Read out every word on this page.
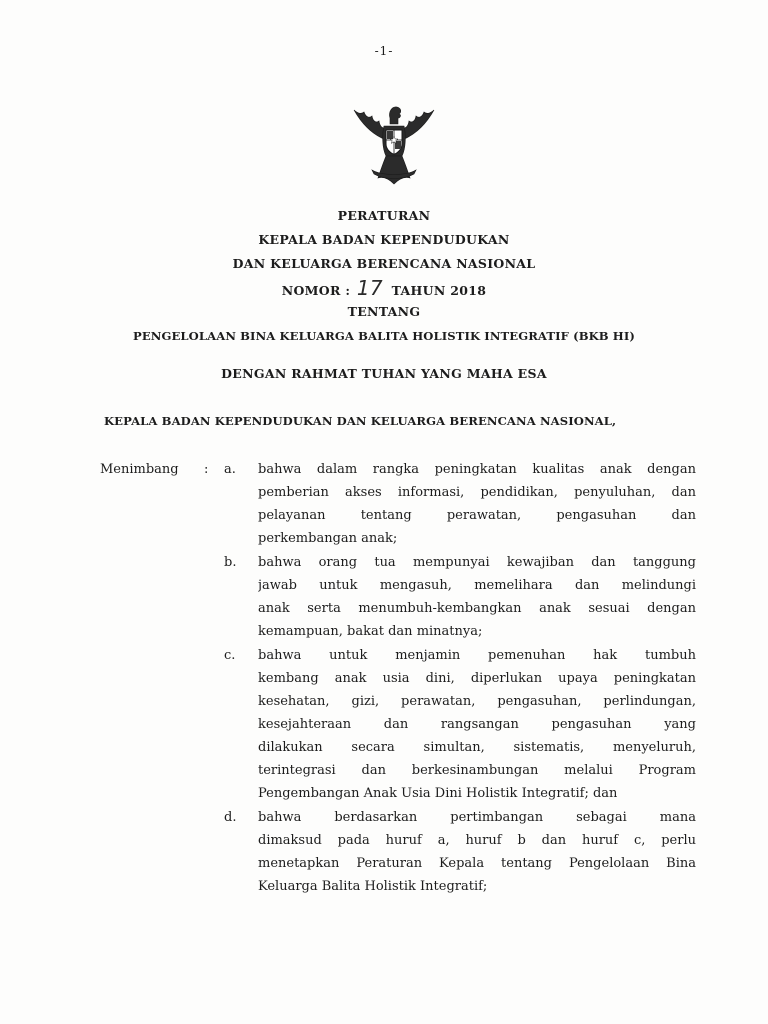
-1-
PERATURAN
KEPALA BADAN KEPENDUDUKAN
DAN KELUARGA BERENCANA NASIONAL
NOMOR : 17 TAHUN 2018
TENTANG
PENGELOLAAN BINA KELUARGA BALITA HOLISTIK INTEGRATIF (BKB HI)
DENGAN RAHMAT TUHAN YANG MAHA ESA
KEPALA BADAN KEPENDUDUKAN DAN KELUARGA BERENCANA NASIONAL,
Menimbang : a. bahwa dalam rangka peningkatan kualitas anak dengan
pemberian akses informasi, pendidikan, penyuluhan, dan
pelayanan tentang perawatan, pengasuhan dan
perkembangan anak;
b. bahwa orang tua mempunyai kewajiban dan tanggung
jawab untuk mengasuh, memelihara dan melindungi
anak serta menumbuh-kembangkan anak sesuai dengan
kemampuan, bakat dan minatnya;
c. bahwa untuk menjamin pemenuhan hak tumbuh
kembang anak usia dini, diperlukan upaya peningkatan
kesehatan, gizi, perawatan, pengasuhan, perlindungan,
kesejahteraan dan rangsangan pengasuhan yang
dilakukan secara simultan, sistematis, menyeluruh,
terintegrasi dan berkesinambungan melalui Program
Pengembangan Anak Usia Dini Holistik Integratif; dan
d. bahwa berdasarkan pertimbangan sebagai mana
dimaksud pada huruf a, huruf b dan huruf c, perlu
menetapkan Peraturan Kepala tentang Pengelolaan Bina
Keluarga Balita Holistik Integratif;
